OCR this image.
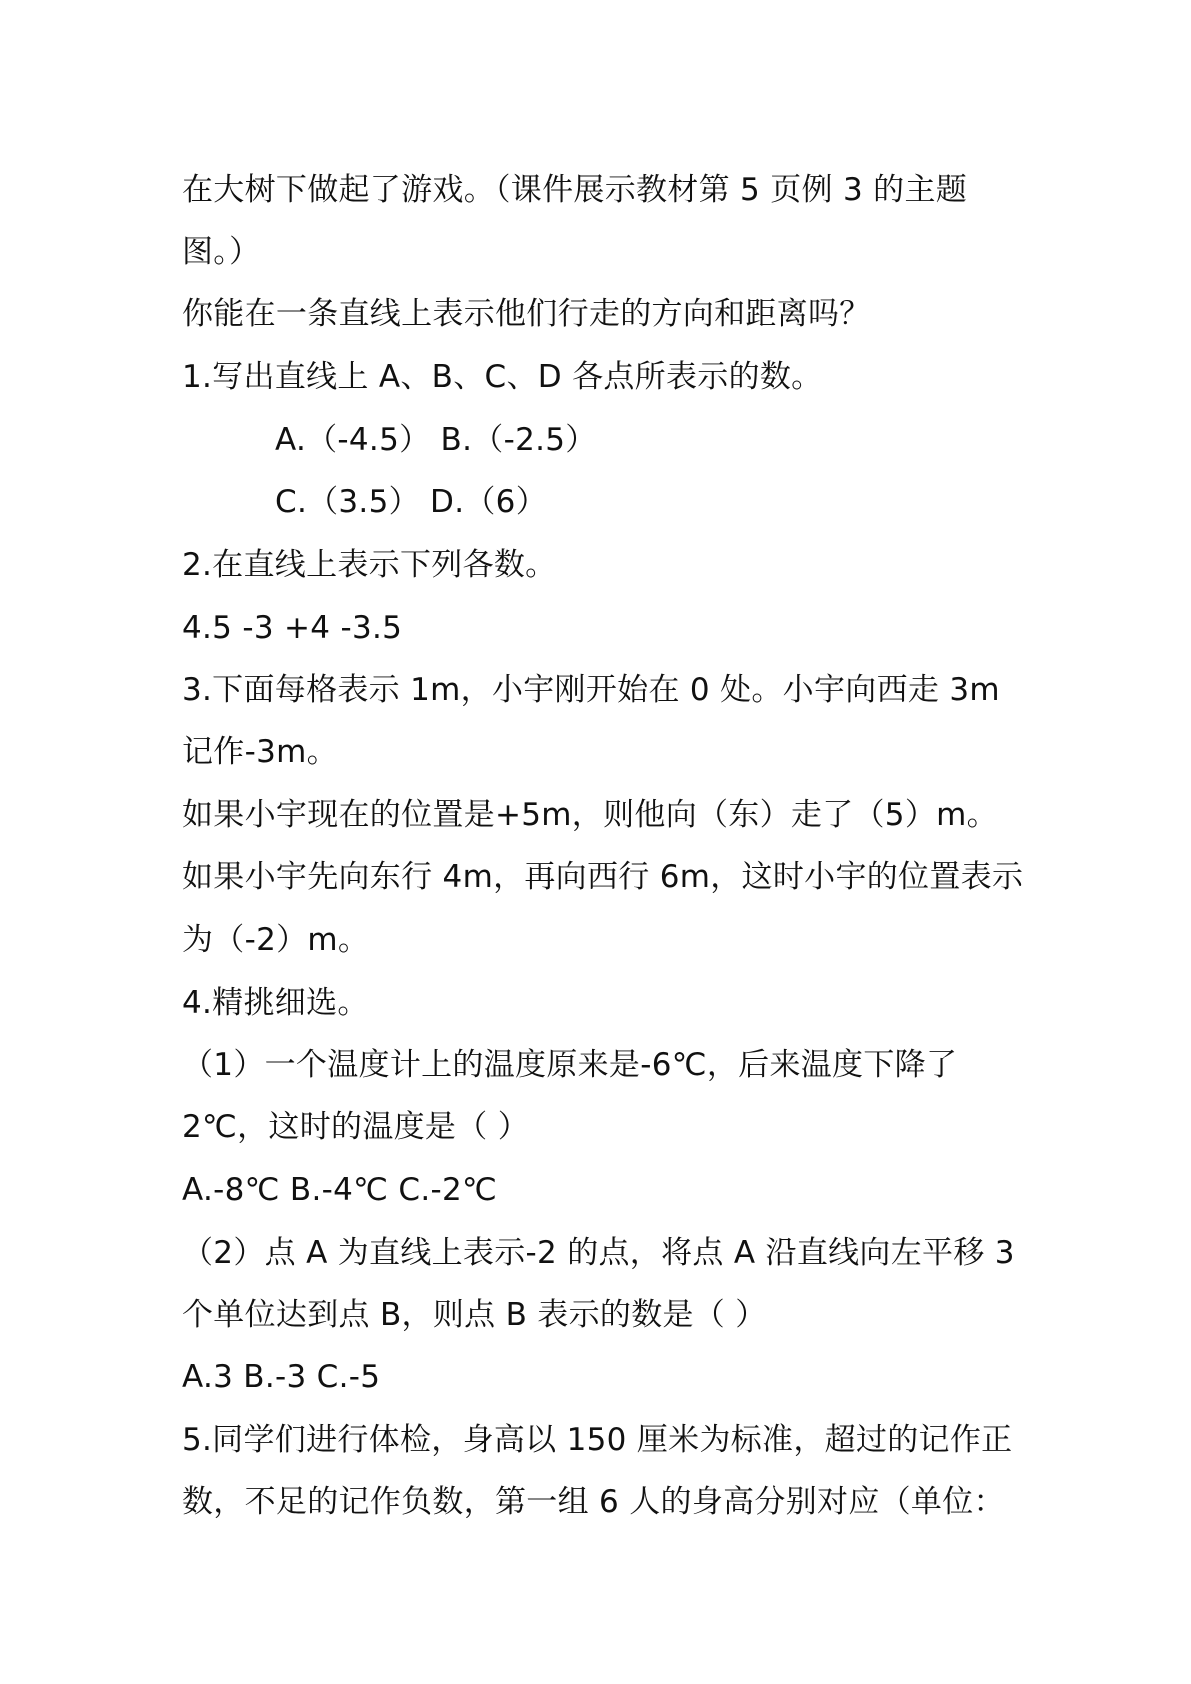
在大树下做起了游戏。（课件展示教材第 5 页例 3 的主题
图。）
你能在一条直线上表示他们行走的方向和距离吗？
1.写出直线上 A、B、C、D 各点所表示的数。
A.（-4.5） B.（-2.5）
C.（3.5） D.（6）
2.在直线上表示下列各数。
4.5 -3 +4 -3.5
3.下面每格表示 1m，小宇刚开始在 0 处。小宇向西走 3m
记作-3m。
如果小宇现在的位置是+5m，则他向（东）走了（5）m。
如果小宇先向东行 4m，再向西行 6m，这时小宇的位置表示
为（-2）m。
4.精挑细选。
（1）一个温度计上的温度原来是-6℃，后来温度下降了
2℃，这时的温度是（ ）
A.-8℃ B.-4℃ C.-2℃
（2）点 A 为直线上表示-2 的点，将点 A 沿直线向左平移 3
个单位达到点 B，则点 B 表示的数是（ ）
A.3 B.-3 C.-5
5.同学们进行体检，身高以 150 厘米为标准，超过的记作正
数，不足的记作负数，第一组 6 人的身高分别对应（单位：
